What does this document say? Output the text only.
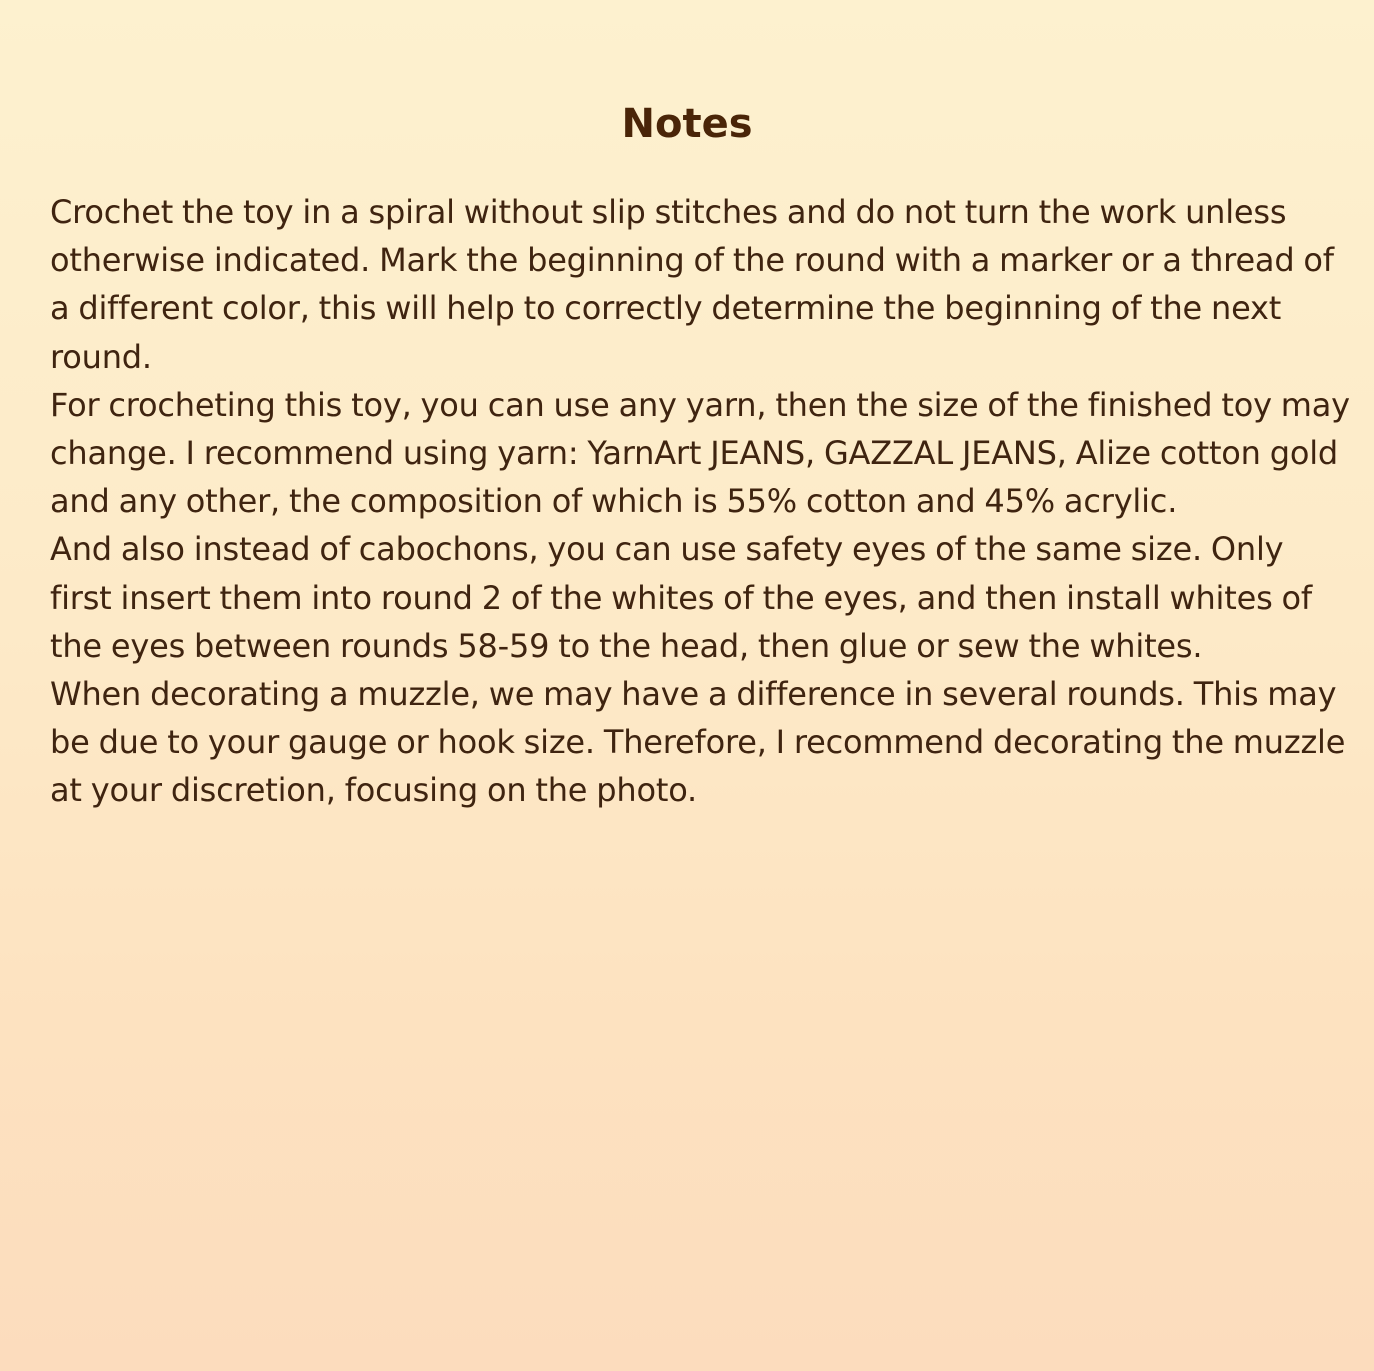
Notes

Crochet the toy in a spiral without slip stitches and do not turn the work unless otherwise indicated. Mark the beginning of the round with a marker or a thread of a different color, this will help to correctly determine the beginning of the next round.

For crocheting this toy, you can use any yarn, then the size of the finished toy may change. I recommend using yarn: YarnArt JEANS, GAZZAL JEANS, Alize cotton gold and any other, the composition of which is 55% cotton and 45% acrylic.

And also instead of cabochons, you can use safety eyes of the same size. Only first insert them into round 2 of the whites of the eyes, and then install whites of the eyes between rounds 58-59 to the head, then glue or sew the whites.

When decorating a muzzle, we may have a difference in several rounds. This may be due to your gauge or hook size. Therefore, I recommend decorating the muzzle at your discretion, focusing on the photo.
